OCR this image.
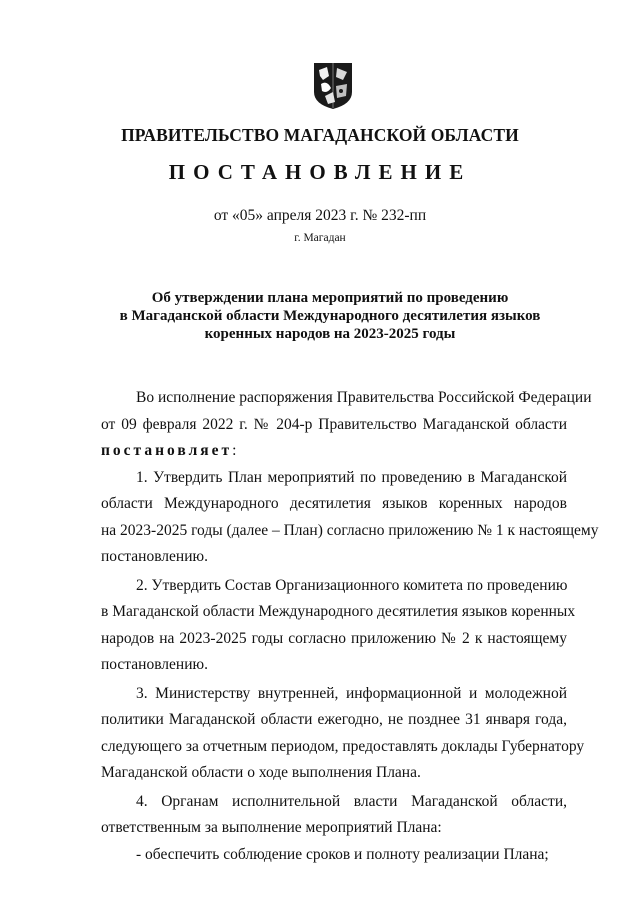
ПРАВИТЕЛЬСТВО МАГАДАНСКОЙ ОБЛАСТИ
ПОСТАНОВЛЕНИЕ
от «05» апреля 2023 г. № 232-пп
г. Магадан
Об утверждении плана мероприятий по проведению
в Магаданской области Международного десятилетия языков
коренных народов на 2023-2025 годы

Во исполнение распоряжения Правительства Российской Федерации
от 09 февраля 2022 г. № 204-р Правительство Магаданской области
постановляет:

1. Утвердить План мероприятий по проведению в Магаданской
области Международного десятилетия языков коренных народов
на 2023-2025 годы (далее – План) согласно приложению № 1 к настоящему
постановлению.

2. Утвердить Состав Организационного комитета по проведению
в Магаданской области Международного десятилетия языков коренных
народов на 2023-2025 годы согласно приложению № 2 к настоящему
постановлению.

3. Министерству внутренней, информационной и молодежной
политики Магаданской области ежегодно, не позднее 31 января года,
следующего за отчетным периодом, предоставлять доклады Губернатору
Магаданской области о ходе выполнения Плана.

4. Органам исполнительной власти Магаданской области,
ответственным за выполнение мероприятий Плана:
- обеспечить соблюдение сроков и полноту реализации Плана;
